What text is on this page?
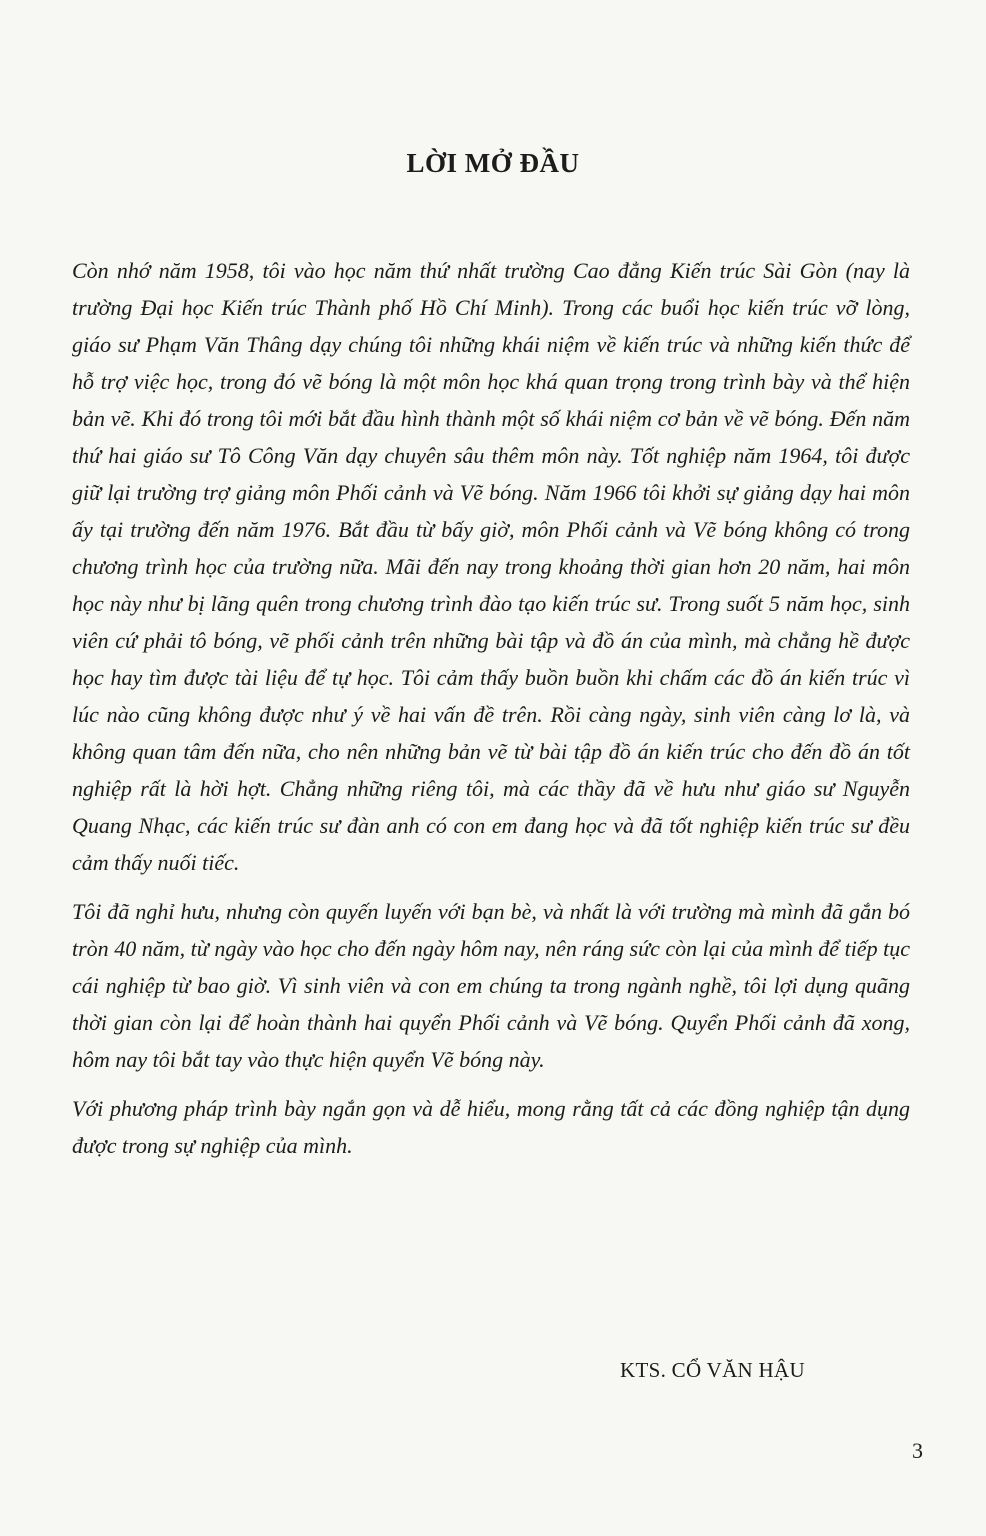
LỜI MỞ ĐẦU

Còn nhớ năm 1958, tôi vào học năm thứ nhất trường Cao đẳng Kiến trúc Sài Gòn (nay là trường Đại học Kiến trúc Thành phố Hồ Chí Minh). Trong các buổi học kiến trúc vỡ lòng, giáo sư Phạm Văn Thâng dạy chúng tôi những khái niệm về kiến trúc và những kiến thức để hỗ trợ việc học, trong đó vẽ bóng là một môn học khá quan trọng trong trình bày và thể hiện bản vẽ. Khi đó trong tôi mới bắt đầu hình thành một số khái niệm cơ bản về vẽ bóng. Đến năm thứ hai giáo sư Tô Công Văn dạy chuyên sâu thêm môn này. Tốt nghiệp năm 1964, tôi được giữ lại trường trợ giảng môn Phối cảnh và Vẽ bóng. Năm 1966 tôi khởi sự giảng dạy hai môn ấy tại trường đến năm 1976. Bắt đầu từ bấy giờ, môn Phối cảnh và Vẽ bóng không có trong chương trình học của trường nữa. Mãi đến nay trong khoảng thời gian hơn 20 năm, hai môn học này như bị lãng quên trong chương trình đào tạo kiến trúc sư. Trong suốt 5 năm học, sinh viên cứ phải tô bóng, vẽ phối cảnh trên những bài tập và đồ án của mình, mà chẳng hề được học hay tìm được tài liệu để tự học. Tôi cảm thấy buồn buồn khi chấm các đồ án kiến trúc vì lúc nào cũng không được như ý về hai vấn đề trên. Rồi càng ngày, sinh viên càng lơ là, và không quan tâm đến nữa, cho nên những bản vẽ từ bài tập đồ án kiến trúc cho đến đồ án tốt nghiệp rất là hời hợt. Chẳng những riêng tôi, mà các thầy đã về hưu như giáo sư Nguyễn Quang Nhạc, các kiến trúc sư đàn anh có con em đang học và đã tốt nghiệp kiến trúc sư đều cảm thấy nuối tiếc.

Tôi đã nghỉ hưu, nhưng còn quyến luyến với bạn bè, và nhất là với trường mà mình đã gắn bó tròn 40 năm, từ ngày vào học cho đến ngày hôm nay, nên ráng sức còn lại của mình để tiếp tục cái nghiệp từ bao giờ. Vì sinh viên và con em chúng ta trong ngành nghề, tôi lợi dụng quãng thời gian còn lại để hoàn thành hai quyển Phối cảnh và Vẽ bóng. Quyển Phối cảnh đã xong, hôm nay tôi bắt tay vào thực hiện quyển Vẽ bóng này.

Với phương pháp trình bày ngắn gọn và dễ hiểu, mong rằng tất cả các đồng nghiệp tận dụng được trong sự nghiệp của mình.

KTS. CỔ VĂN HẬU

3
